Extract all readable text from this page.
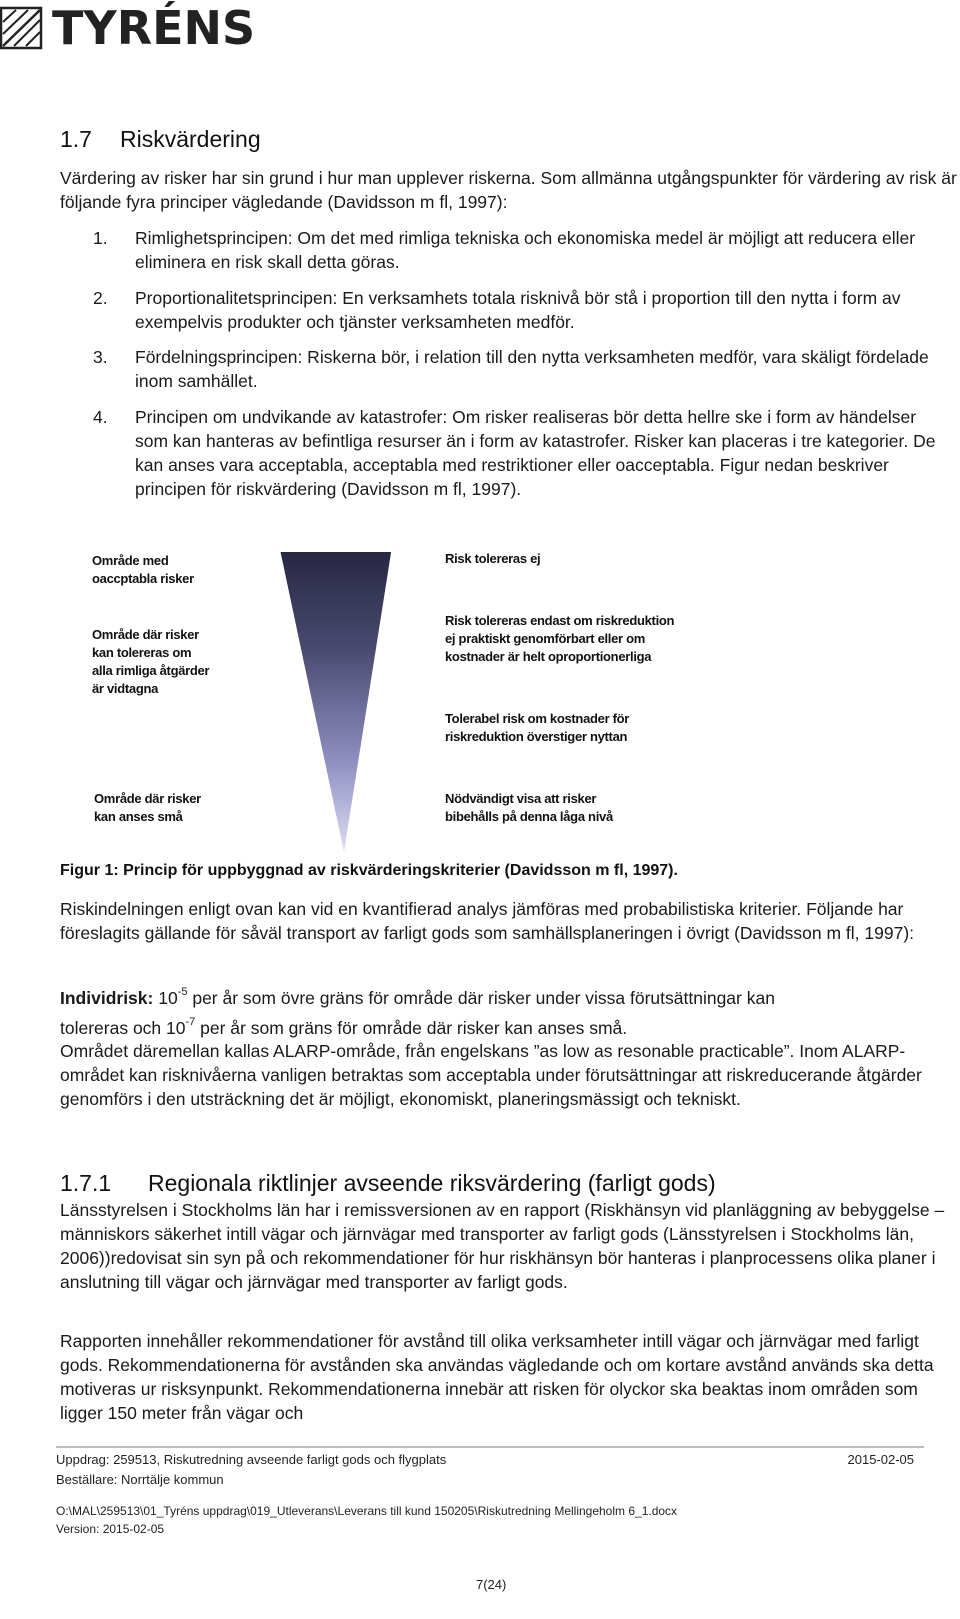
TYRÉNS
1.7 Riskvärdering
Värdering av risker har sin grund i hur man upplever riskerna. Som allmänna utgångspunkter för värdering av risk är följande fyra principer vägledande (Davidsson m fl, 1997):
1. Rimlighetsprincipen: Om det med rimliga tekniska och ekonomiska medel är möjligt att reducera eller eliminera en risk skall detta göras.
2. Proportionalitetsprincipen: En verksamhets totala risknivå bör stå i proportion till den nytta i form av exempelvis produkter och tjänster verksamheten medför.
3. Fördelningsprincipen: Riskerna bör, i relation till den nytta verksamheten medför, vara skäligt fördelade inom samhället.
4. Principen om undvikande av katastrofer: Om risker realiseras bör detta hellre ske i form av händelser som kan hanteras av befintliga resurser än i form av katastrofer. Risker kan placeras i tre kategorier. De kan anses vara acceptabla, acceptabla med restriktioner eller oacceptabla. Figur nedan beskriver principen för riskvärdering (Davidsson m fl, 1997).
Område med
oaccptabla risker
Område där risker
kan tolereras om
alla rimliga åtgärder
är vidtagna
Område där risker
kan anses små
Risk tolereras ej
Risk tolereras endast om riskreduktion
ej praktiskt genomförbart eller om
kostnader är helt oproportionerliga
Tolerabel risk om kostnader för
riskreduktion överstiger nyttan
Nödvändigt visa att risker
bibehålls på denna låga nivå
Figur 1: Princip för uppbyggnad av riskvärderingskriterier (Davidsson m fl, 1997).
Riskindelningen enligt ovan kan vid en kvantifierad analys jämföras med probabilistiska kriterier. Följande har föreslagits gällande för såväl transport av farligt gods som samhällsplaneringen i övrigt (Davidsson m fl, 1997):
Individrisk: $10^{-5}$ per år som övre gräns för område där risker under vissa förutsättningar kan
tolereras och $10^{-7}$ per år som gräns för område där risker kan anses små.
Området däremellan kallas ALARP-område, från engelskans ”as low as resonable practicable”. Inom ALARP-området kan risknivåerna vanligen betraktas som acceptabla under förutsättningar att riskreducerande åtgärder genomförs i den utsträckning det är möjligt, ekonomiskt, planeringsmässigt och tekniskt.
1.7.1 Regionala riktlinjer avseende riksvärdering (farligt gods)
Länsstyrelsen i Stockholms län har i remissversionen av en rapport (Riskhänsyn vid planläggning av bebyggelse – människors säkerhet intill vägar och järnvägar med transporter av farligt gods (Länsstyrelsen i Stockholms län, 2006))redovisat sin syn på och rekommendationer för hur riskhänsyn bör hanteras i planprocessens olika planer i anslutning till vägar och järnvägar med transporter av farligt gods.
Rapporten innehåller rekommendationer för avstånd till olika verksamheter intill vägar och järnvägar med farligt gods. Rekommendationerna för avstånden ska användas vägledande och om kortare avstånd används ska detta motiveras ur risksynpunkt. Rekommendationerna innebär att risken för olyckor ska beaktas inom områden som ligger 150 meter från vägar och
Uppdrag: 259513, Riskutredning avseende farligt gods och flygplats	2015-02-05
Beställare: Norrtälje kommun
O:\MAL\259513\01_Tyréns uppdrag\019_Utleverans\Leverans till kund 150205\Riskutredning Mellingeholm 6_1.docx
Version: 2015-02-05
7(24)
